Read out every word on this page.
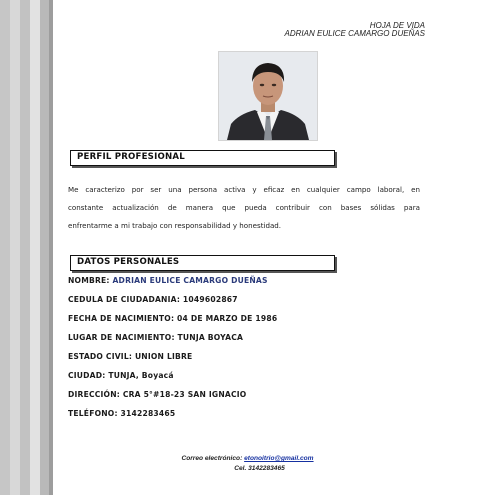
HOJA DE VIDA
ADRIAN EULICE CAMARGO DUEÑAS
PERFIL PROFESIONAL
Me caracterizo por ser una persona activa y eficaz en cualquier campo laboral, en
constante actualización de manera que pueda contribuir con bases sólidas para
enfrentarme a mi trabajo con responsabilidad y honestidad.
DATOS PERSONALES
NOMBRE: ADRIAN EULICE CAMARGO DUEÑAS
CEDULA DE CIUDADANIA: 1049602867
FECHA DE NACIMIENTO: 04 DE MARZO DE 1986
LUGAR DE NACIMIENTO: TUNJA BOYACA
ESTADO CIVIL: UNION LIBRE
CIUDAD: TUNJA, Boyacá
DIRECCIÓN: CRA 5°#18-23 SAN IGNACIO
TELÉFONO: 3142283465
Correo electrónico: etonoitrio@gmail.com
Cel. 3142283465
